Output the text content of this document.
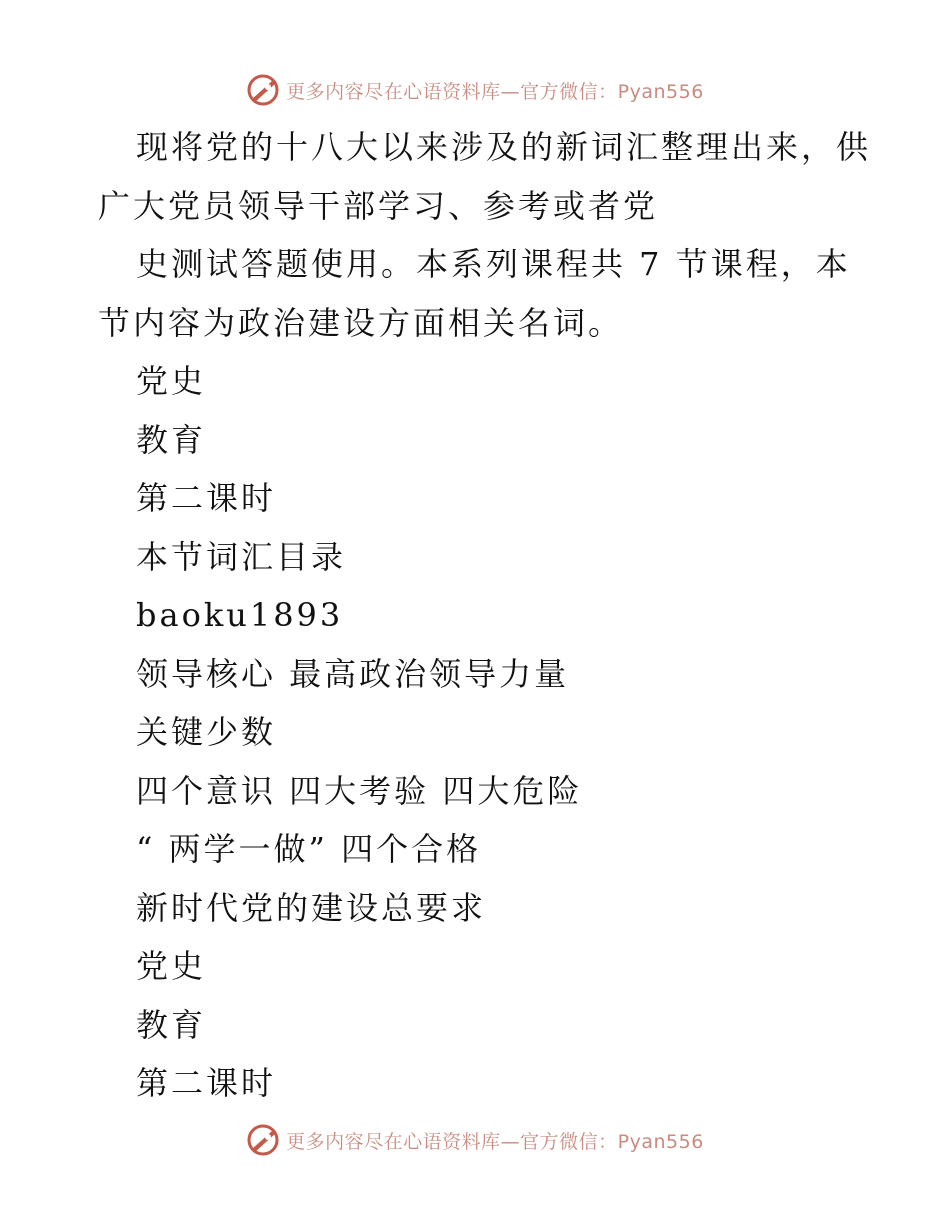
更多内容尽在心语资料库—官方微信：Pyan556
现将党的十八大以来涉及的新词汇整理出来，供
广大党员领导干部学习、参考或者党
史测试答题使用。本系列课程共 7 节课程，本
节内容为政治建设方面相关名词。
党史
教育
第二课时
本节词汇目录
baoku1893
领导核心 最高政治领导力量
关键少数
四个意识 四大考验 四大危险
“ 两学一做” 四个合格
新时代党的建设总要求
党史
教育
第二课时
更多内容尽在心语资料库—官方微信：Pyan556
